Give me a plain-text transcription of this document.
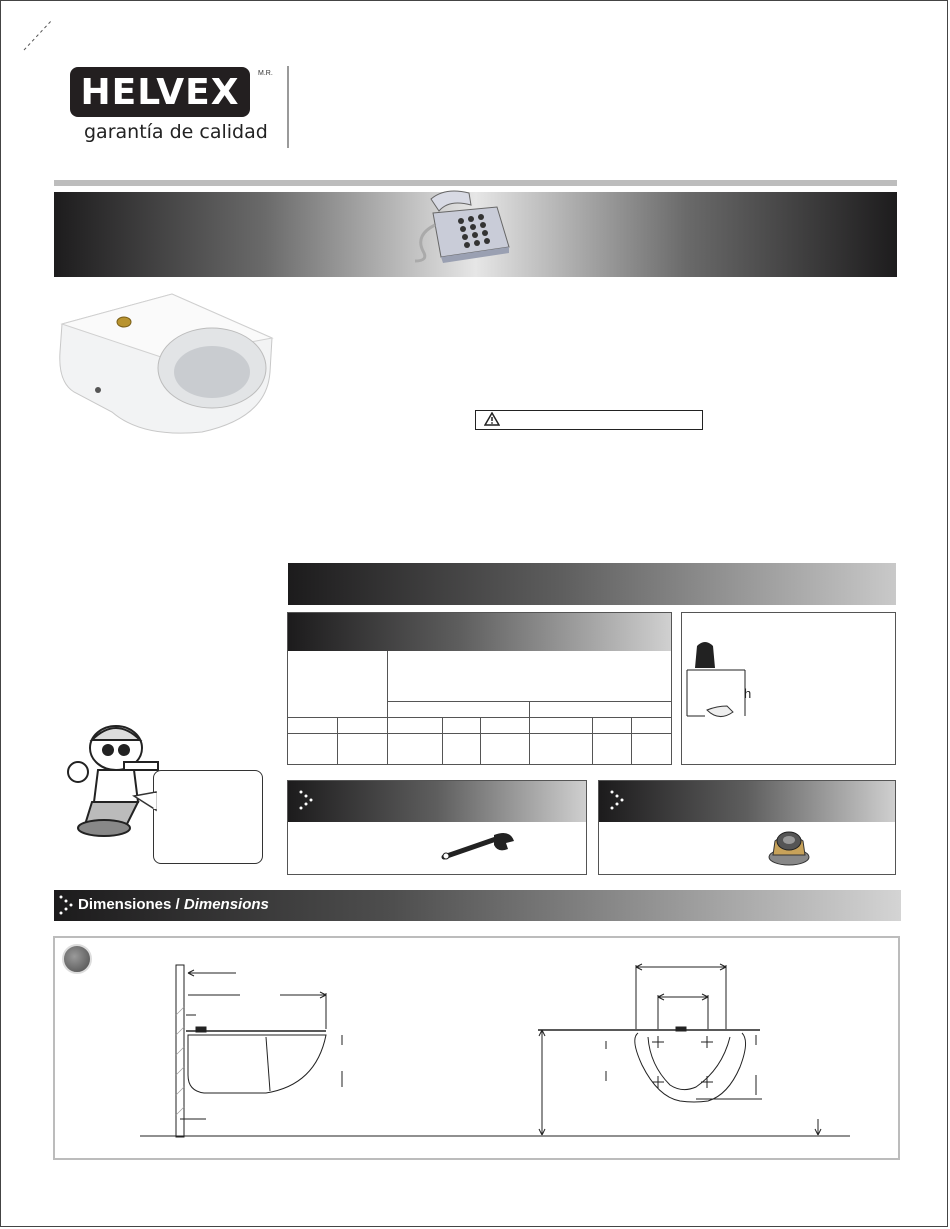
HELVEX	M.R.
garantía de calidad
h
Dimensiones / Dimensions
